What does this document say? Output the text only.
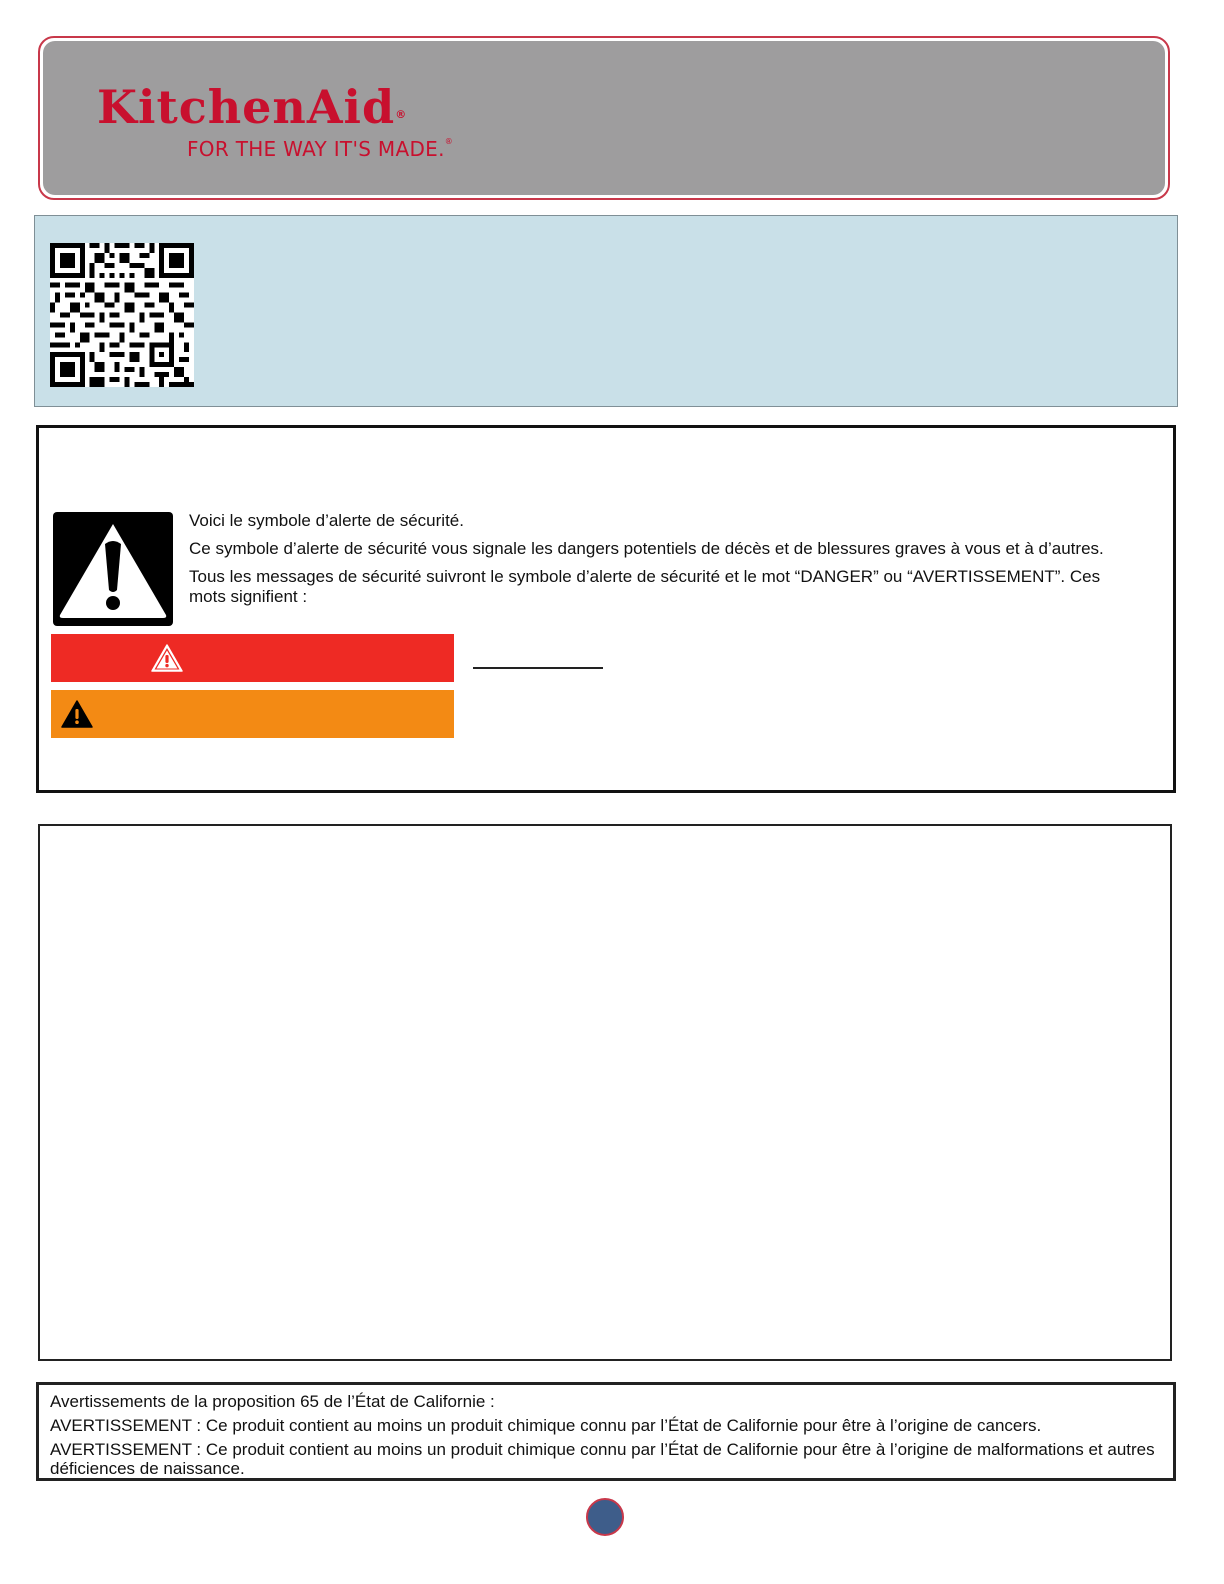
KitchenAid®
FOR THE WAY IT'S MADE.®

Voici le symbole d’alerte de sécurité.

Ce symbole d’alerte de sécurité vous signale les dangers potentiels de décès et de blessures graves à vous et à d’autres.

Tous les messages de sécurité suivront le symbole d’alerte de sécurité et le mot “DANGER” ou “AVERTISSEMENT”. Ces mots signifient :

Avertissements de la proposition 65 de l’État de Californie :

AVERTISSEMENT : Ce produit contient au moins un produit chimique connu par l’État de Californie pour être à l’origine de cancers.

AVERTISSEMENT : Ce produit contient au moins un produit chimique connu par l’État de Californie pour être à l’origine de malformations et autres déficiences de naissance.
